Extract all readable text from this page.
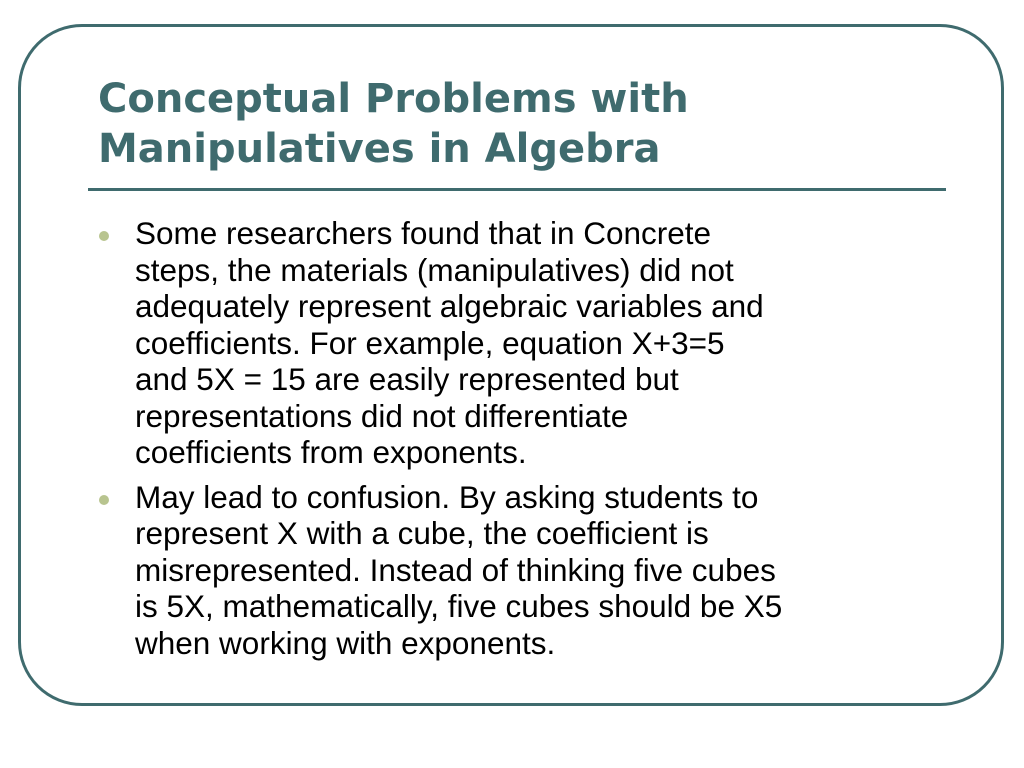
Conceptual Problems with
Manipulatives in Algebra
Some researchers found that in Concrete
steps, the materials (manipulatives) did not
adequately represent algebraic variables and
coefficients. For example, equation X+3=5
and 5X = 15 are easily represented but
representations did not differentiate
coefficients from exponents.
May lead to confusion. By asking students to
represent X with a cube, the coefficient is
misrepresented. Instead of thinking five cubes
is 5X, mathematically, five cubes should be X5
when working with exponents.
